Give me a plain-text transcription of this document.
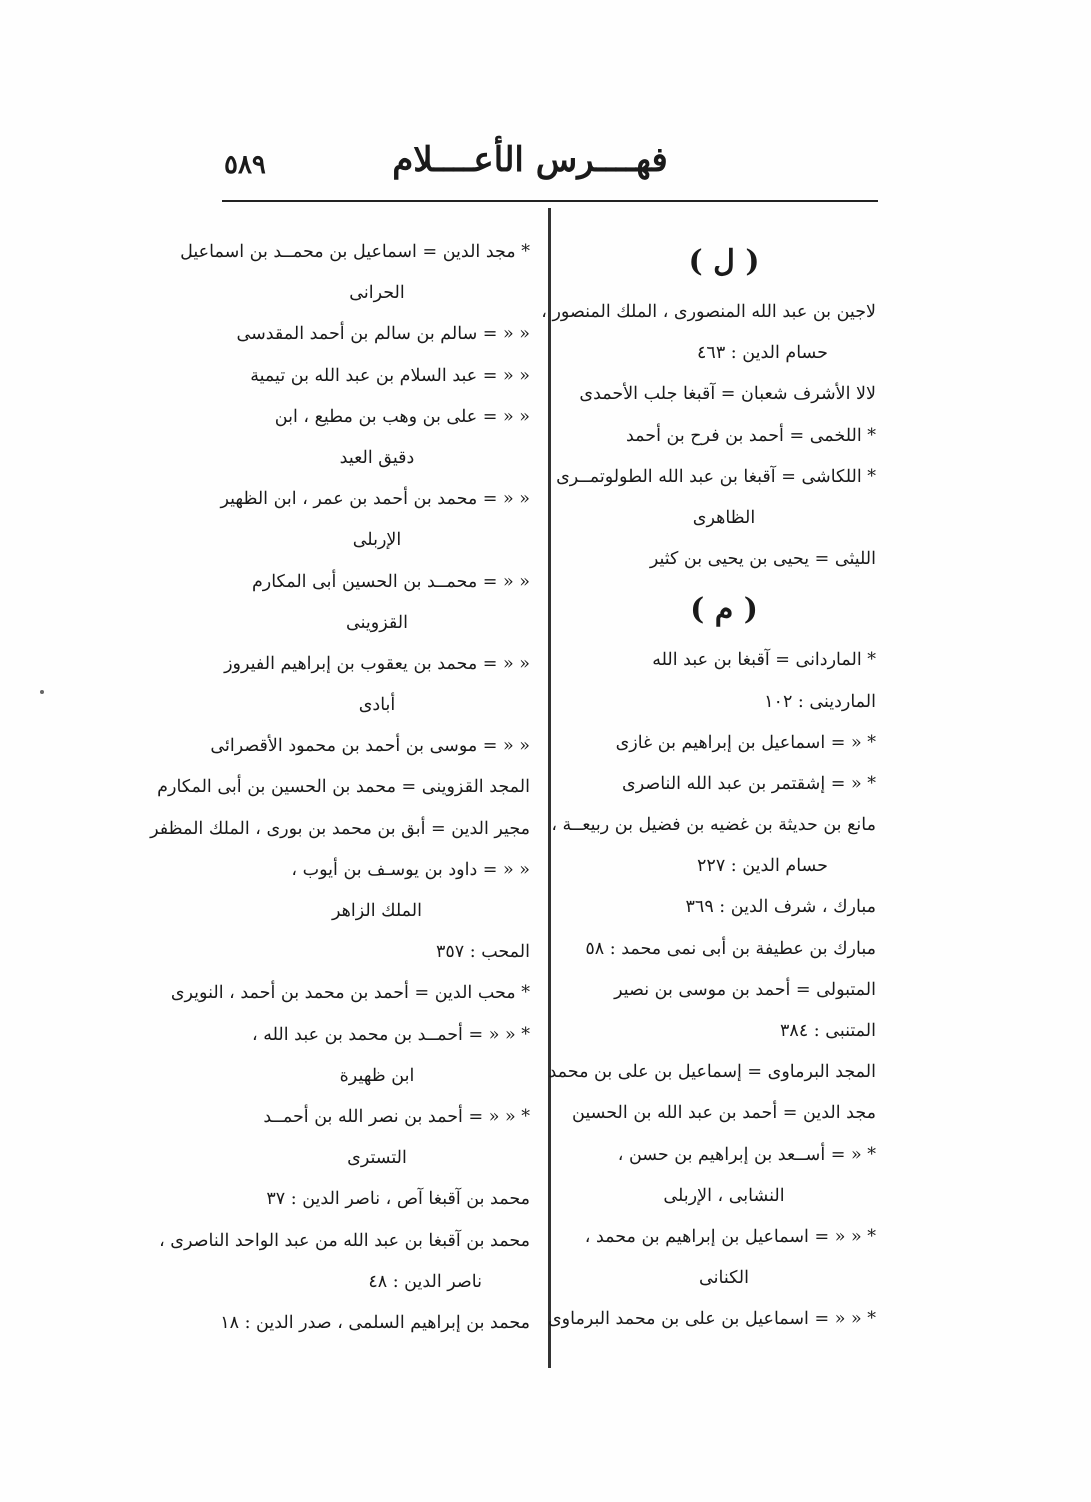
فهــــرس الأعــــلام
٥٨٩
( ل )
لاجين بن عبد الله المنصورى ، الملك المنصور ،
حسام الدين : ٤٦٣
لالا الأشرف شعبان = آقبغا جلب الأحمدى
* اللخمى = أحمد بن فرح بن أحمد
* اللكاشى = آقبغا بن عبد الله الطولوتمــرى
الظاهرى
الليثى = يحيى بن يحيى بن كثير
( م )
* الماردانى = آقبغا بن عبد الله
الماردينى : ١٠٢
* « = اسماعيل بن إبراهيم بن غازى
* « = إشقتمر بن عبد الله الناصرى
مانع بن حديثة بن غضيه بن فضيل بن ربيعــة ،
حسام الدين : ٢٢٧
مبارك ، شرف الدين : ٣٦٩
مبارك بن عطيفة بن أبى نمى محمد : ٥٨
المتبولى = أحمد بن موسى بن نصير
المتنبى : ٣٨٤
المجد البرماوى = إسماعيل بن على بن محمد
مجد الدين = أحمد بن عبد الله بن الحسين
* « = أســعد بن إبراهيم بن حسن ،
النشابى ، الإربلى
* « « = اسماعيل بن إبراهيم بن محمد ،
الكنانى
* « « = اسماعيل بن على بن محمد البرماوى
* مجد الدين = اسماعيل بن محمــد بن اسماعيل
الحرانى
« « = سالم بن سالم بن أحمد المقدسى
« « = عبد السلام بن عبد الله بن تيمية
« « = على بن وهب بن مطيع ، ابن
دقيق العيد
« « = محمد بن أحمد بن عمر ، ابن الظهير
الإربلى
« « = محمــد بن الحسين أبى المكارم
القزوينى
« « = محمد بن يعقوب بن إبراهيم الفيروز
أبادى
« « = موسى بن أحمد بن محمود الأقصرائى
المجد القزوينى = محمد بن الحسين بن أبى المكارم
مجير الدين = أبق بن محمد بن بورى ، الملك المظفر
« « = داود بن يوسـف بن أيوب ،
الملك الزاهر
المحب : ٣٥٧
* محب الدين = أحمد بن محمد بن أحمد ، النويرى
* « « = أحمــد بن محمد بن عبد الله ،
ابن ظهيرة
* « « = أحمد بن نصر الله بن أحمــد
التسترى
محمد بن آقبغا آص ، ناصر الدين : ٣٧
محمد بن آقبغا بن عبد الله من عبد الواحد الناصرى ،
ناصر الدين : ٤٨
محمد بن إبراهيم السلمى ، صدر الدين : ١٨
